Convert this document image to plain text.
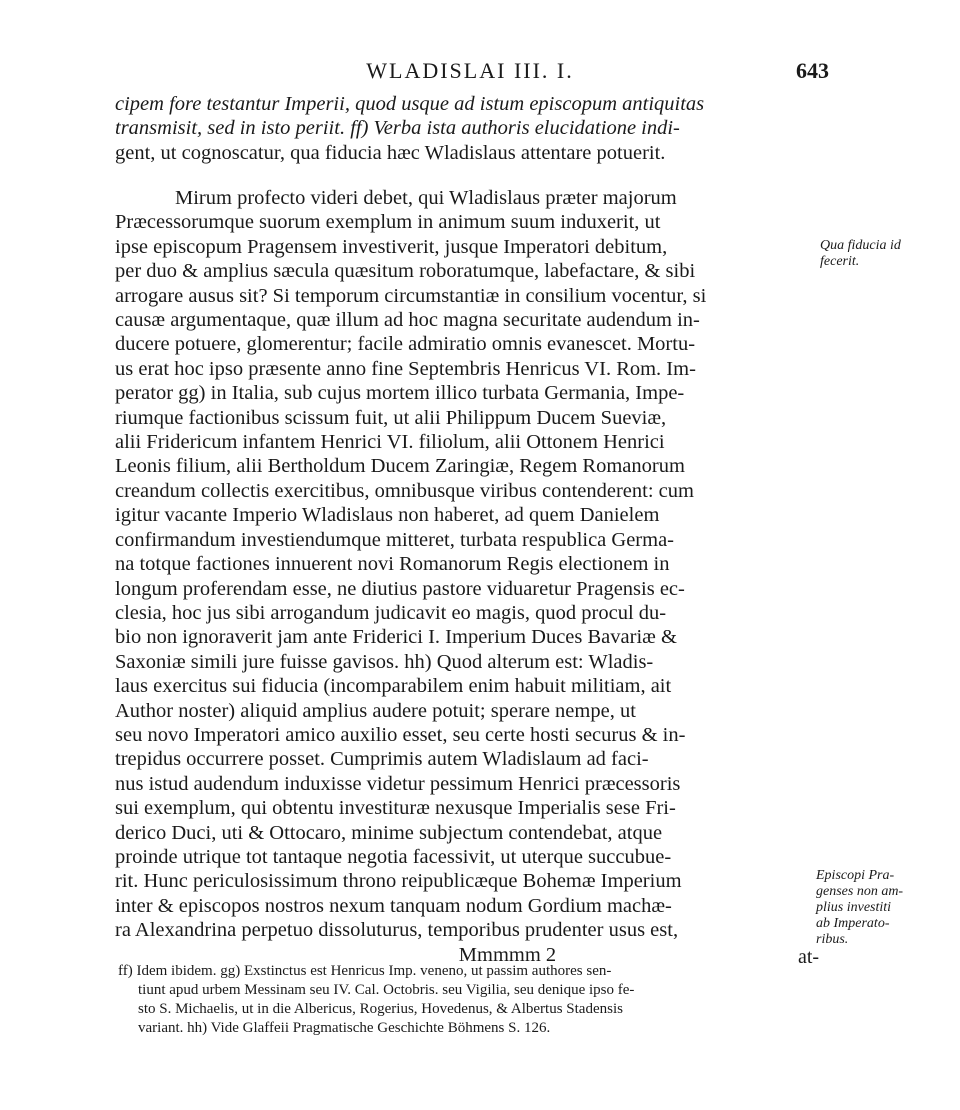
WLADISLAI III. I.	643
cipem fore testantur Imperii, quod usque ad istum episcopum antiquitas
transmisit, sed in isto periit. ff) Verba ista authoris elucidatione indi-
gent, ut cognoscatur, qua fiducia hæc Wladislaus attentare potuerit.
Mirum profecto videri debet, qui Wladislaus præter majorum
Præcessorumque suorum exemplum in animum suum induxerit, ut
ipse episcopum Pragensem investiverit, jusque Imperatori debitum,
per duo & amplius sæcula quæsitum roboratumque, labefactare, & sibi
arrogare ausus sit? Si temporum circumstantiæ in consilium vocentur, si
causæ argumentaque, quæ illum ad hoc magna securitate audendum in-
ducere potuere, glomerentur; facile admiratio omnis evanescet. Mortu-
us erat hoc ipso præsente anno fine Septembris Henricus VI. Rom. Im-
perator gg) in Italia, sub cujus mortem illico turbata Germania, Impe-
riumque factionibus scissum fuit, ut alii Philippum Ducem Sueviæ,
alii Fridericum infantem Henrici VI. filiolum, alii Ottonem Henrici
Leonis filium, alii Bertholdum Ducem Zaringiæ, Regem Romanorum
creandum collectis exercitibus, omnibusque viribus contenderent: cum
igitur vacante Imperio Wladislaus non haberet, ad quem Danielem
confirmandum investiendumque mitteret, turbata respublica Germa-
na totque factiones innuerent novi Romanorum Regis electionem in
longum proferendam esse, ne diutius pastore viduaretur Pragensis ec-
clesia, hoc jus sibi arrogandum judicavit eo magis, quod procul du-
bio non ignoraverit jam ante Friderici I. Imperium Duces Bavariæ &
Saxoniæ simili jure fuisse gavisos. hh) Quod alterum est: Wladis-
laus exercitus sui fiducia (incomparabilem enim habuit militiam, ait
Author noster) aliquid amplius audere potuit; sperare nempe, ut
seu novo Imperatori amico auxilio esset, seu certe hosti securus & in-
trepidus occurrere posset. Cumprimis autem Wladislaum ad faci-
nus istud audendum induxisse videtur pessimum Henrici præcessoris
sui exemplum, qui obtentu investituræ nexusque Imperialis sese Fri-
derico Duci, uti & Ottocaro, minime subjectum contendebat, atque
proinde utrique tot tantaque negotia facessivit, ut uterque succubue-
rit. Hunc periculosissimum throno reipublicæque Bohemæ Imperium
inter & episcopos nostros nexum tanquam nodum Gordium machæ-
ra Alexandrina perpetuo dissoluturus, temporibus prudenter usus est,
Mmmmm 2	at-
ff) Idem ibidem. gg) Exstinctus est Henricus Imp. veneno, ut passim authores sen-
tiunt apud urbem Messinam seu IV. Cal. Octobris. seu Vigilia, seu denique ipso fe-
sto S. Michaelis, ut in die Albericus, Rogerius, Hovedenus, & Albertus Stadensis
variant. hh) Vide Glaffeii Pragmatische Geschichte Böhmens S. 126.
Qua fiducia id
fecerit.
Episcopi Pra-
genses non am-
plius investiti
ab Imperato-
ribus.
